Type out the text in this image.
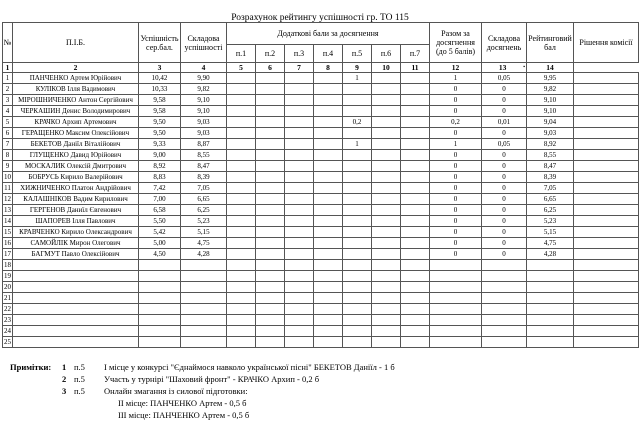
Розрахунок рейтингу успішності гр. ТО 115
№	П.І.Б.	Успішність сер.бал.	Складова успішності	Додаткові бали за досягнення							Разом за досягнення (до 5 балів)	Складова досягнень	Рейтинговий бал	Рішення комісії
				п.1	п.2	п.3	п.4	п.5	п.6	п.7				
1	2	3	4	5	6	7	8	9	10	11	12	13 ▪	14	
1	ПАНЧЕНКО Артем Юрійович	10,42	9,90					1			1	0,05	9,95	
2	КУЛІКОВ Ілля Вадимович	10,33	9,82								0	0	9,82	
3	МІРОШНИЧЕНКО Антон Сергійович	9,58	9,10								0	0	9,10	
4	ЧЕРКАШИН Денис Володимирович	9,58	9,10								0	0	9,10	
5	КРАЧКО Архип Артемович	9,50	9,03					0,2			0,2	0,01	9,04	
6	ГЕРАЩЕНКО Максим Олексійович	9,50	9,03								0	0	9,03	
7	БЕКЕТОВ Даніїл Віталійович	9,33	8,87					1			1	0,05	8,92	
8	ГЛУЩЕНКО Давид Юрійович	9,00	8,55								0	0	8,55	
9	МОСКАЛИК Олексій Дмитрович	8,92	8,47								0	0	8,47	
10	БОБРУСЬ Кирило Валерійович	8,83	8,39								0	0	8,39	
11	ХИЖНИЧЕНКО Платон Андрійович	7,42	7,05								0	0	7,05	
12	КАЛАШНІКОВ Вадим Кирилович	7,00	6,65								0	0	6,65	
13	ГЕРГЕНОВ Даниїл Євгенович	6,58	6,25								0	0	6,25	
14	ШАПОРЕВ Ілля Павлович	5,50	5,23								0	0	5,23	
15	КРАВЧЕНКО Кирило Олександрович	5,42	5,15								0	0	5,15	
16	САМОЙЛІК Мирон Олегович	5,00	4,75								0	0	4,75	
17	БАГМУТ Павло Олексійович	4,50	4,28								0	0	4,28	
18														
19														
20														
21														
22														
23														
24														
25														
Примітки: 1 п.5 І місце у конкурсі "Єднаймося навколо української пісні" БЕКЕТОВ Даніїл - 1 б
2 п.5 Участь у турнірі "Шаховий фронт" - КРАЧКО Архип - 0,2 б
3 п.5 Онлайн змагання із силової підготовки:
ІІ місце: ПАНЧЕНКО Артем - 0,5 б
ІІІ місце: ПАНЧЕНКО Артем - 0,5 б
